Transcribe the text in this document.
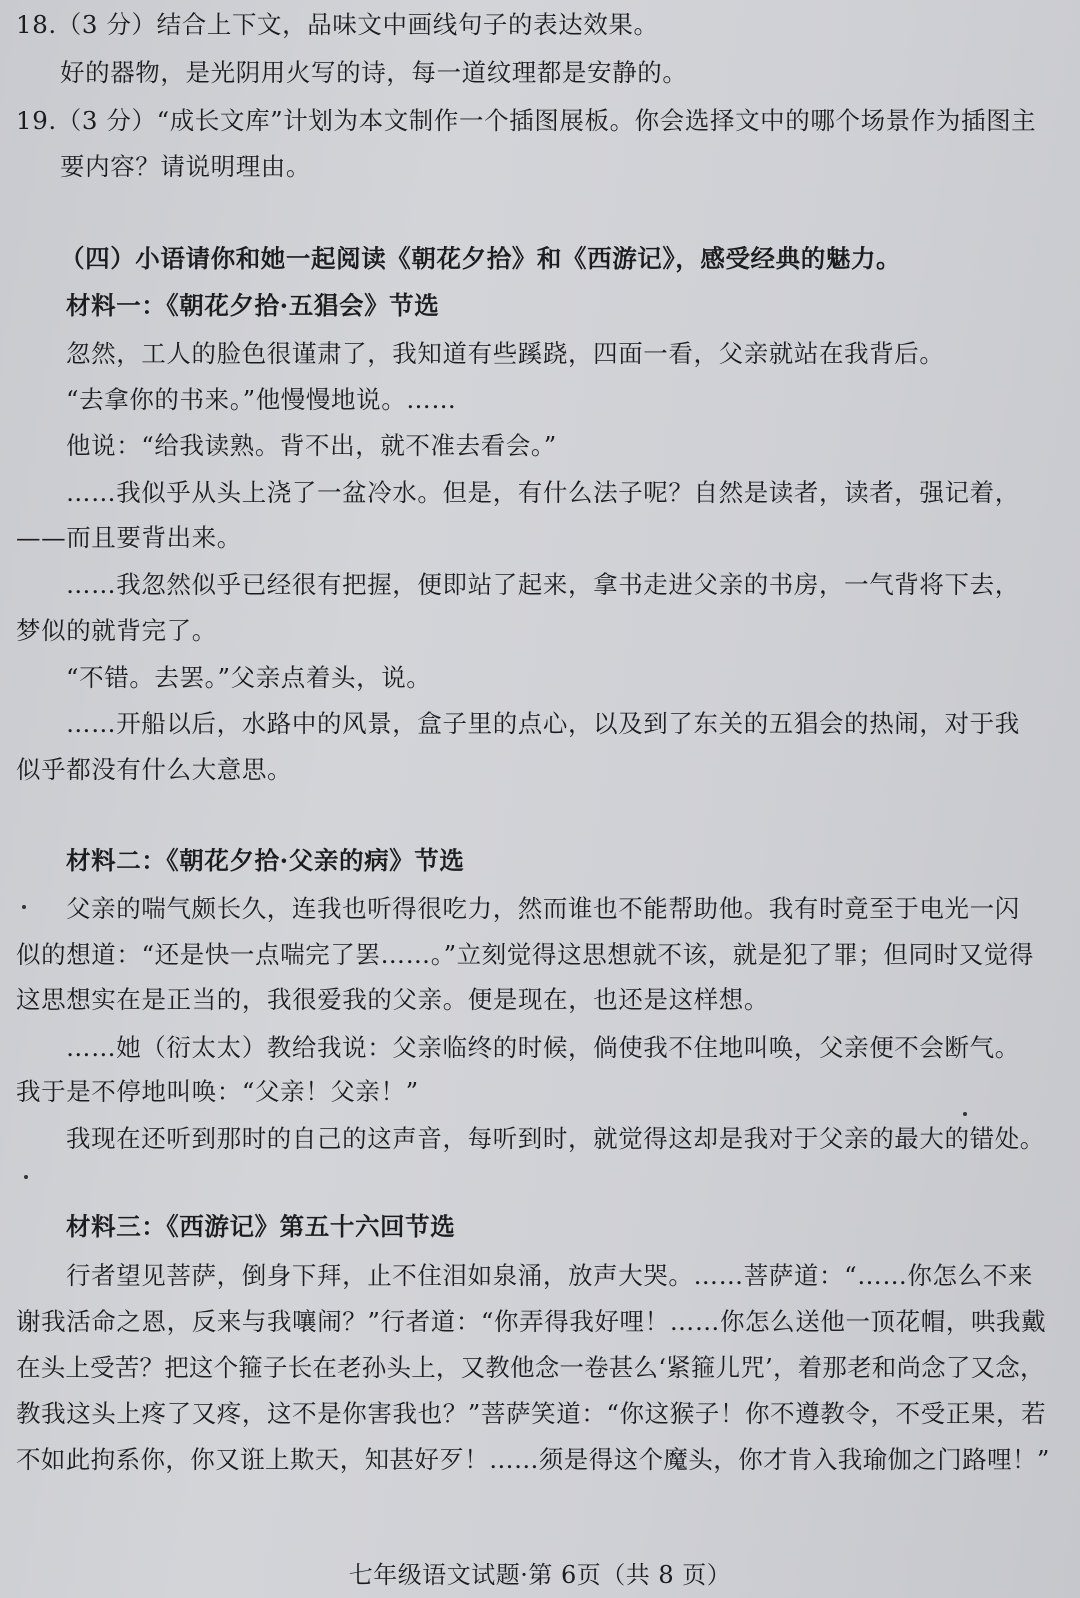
18.（3 分）结合上下文，品味文中画线句子的表达效果。
好的器物，是光阴用火写的诗，每一道纹理都是安静的。
19.（3 分）“成长文库”计划为本文制作一个插图展板。你会选择文中的哪个场景作为插图主
要内容？请说明理由。
（四）小语请你和她一起阅读《朝花夕拾》和《西游记》，感受经典的魅力。
材料一：《朝花夕拾·五猖会》节选
忽然，工人的脸色很谨肃了，我知道有些蹊跷，四面一看，父亲就站在我背后。
“去拿你的书来。”他慢慢地说。……
他说：“给我读熟。背不出，就不准去看会。”
……我似乎从头上浇了一盆冷水。但是，有什么法子呢？自然是读者，读者，强记着，
——而且要背出来。
……我忽然似乎已经很有把握，便即站了起来，拿书走进父亲的书房，一气背将下去，
梦似的就背完了。
“不错。去罢。”父亲点着头，说。
……开船以后，水路中的风景，盒子里的点心，以及到了东关的五猖会的热闹，对于我
似乎都没有什么大意思。
材料二：《朝花夕拾·父亲的病》节选
父亲的喘气颇长久，连我也听得很吃力，然而谁也不能帮助他。我有时竟至于电光一闪
似的想道：“还是快一点喘完了罢……。”立刻觉得这思想就不该，就是犯了罪；但同时又觉得
这思想实在是正当的，我很爱我的父亲。便是现在，也还是这样想。
……她（衍太太）教给我说：父亲临终的时候，倘使我不住地叫唤，父亲便不会断气。
我于是不停地叫唤：“父亲！父亲！”
我现在还听到那时的自己的这声音，每听到时，就觉得这却是我对于父亲的最大的错处。
材料三：《西游记》第五十六回节选
行者望见菩萨，倒身下拜，止不住泪如泉涌，放声大哭。……菩萨道：“……你怎么不来
谢我活命之恩，反来与我嚷闹？”行者道：“你弄得我好哩！……你怎么送他一顶花帽，哄我戴
在头上受苦？把这个箍子长在老孙头上，又教他念一卷甚么‘紧箍儿咒’，着那老和尚念了又念，
教我这头上疼了又疼，这不是你害我也？”菩萨笑道：“你这猴子！你不遵教令，不受正果，若
不如此拘系你，你又诳上欺天，知甚好歹！……须是得这个魔头，你才肯入我瑜伽之门路哩！”
七年级语文试题·第 6页（共 8 页）
